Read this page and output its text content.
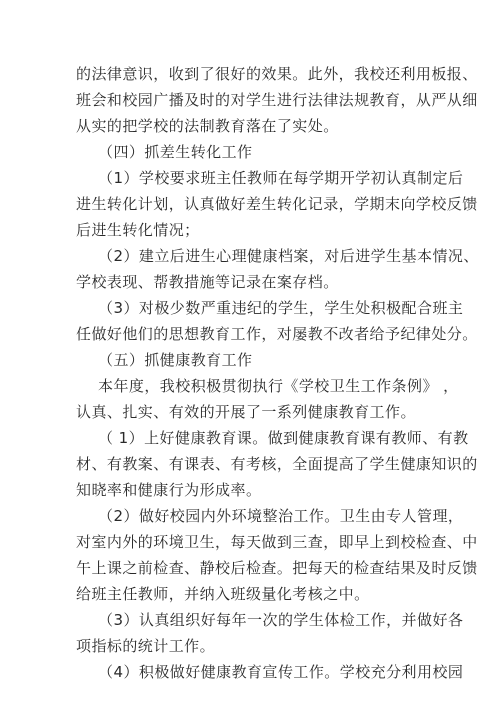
的法律意识，收到了很好的效果。此外，我校还利用板报、
班会和校园广播及时的对学生进行法律法规教育，从严从细
从实的把学校的法制教育落在了实处。
（四）抓差生转化工作
（1）学校要求班主任教师在每学期开学初认真制定后
进生转化计划，认真做好差生转化记录，学期末向学校反馈
后进生转化情况；
（2）建立后进生心理健康档案，对后进学生基本情况、
学校表现、帮教措施等记录在案存档。
（3）对极少数严重违纪的学生，学生处积极配合班主
任做好他们的思想教育工作，对屡教不改者给予纪律处分。
（五）抓健康教育工作
本年度，我校积极贯彻执行《学校卫生工作条例》 ，
认真、扎实、有效的开展了一系列健康教育工作。
（ 1）上好健康教育课。做到健康教育课有教师、有教
材、有教案、有课表、有考核，全面提高了学生健康知识的
知晓率和健康行为形成率。
（2）做好校园内外环境整治工作。卫生由专人管理，
对室内外的环境卫生，每天做到三查，即早上到校检查、中
午上课之前检查、静校后检查。把每天的检查结果及时反馈
给班主任教师，并纳入班级量化考核之中。
（3）认真组织好每年一次的学生体检工作，并做好各
项指标的统计工作。
（4）积极做好健康教育宣传工作。学校充分利用校园
